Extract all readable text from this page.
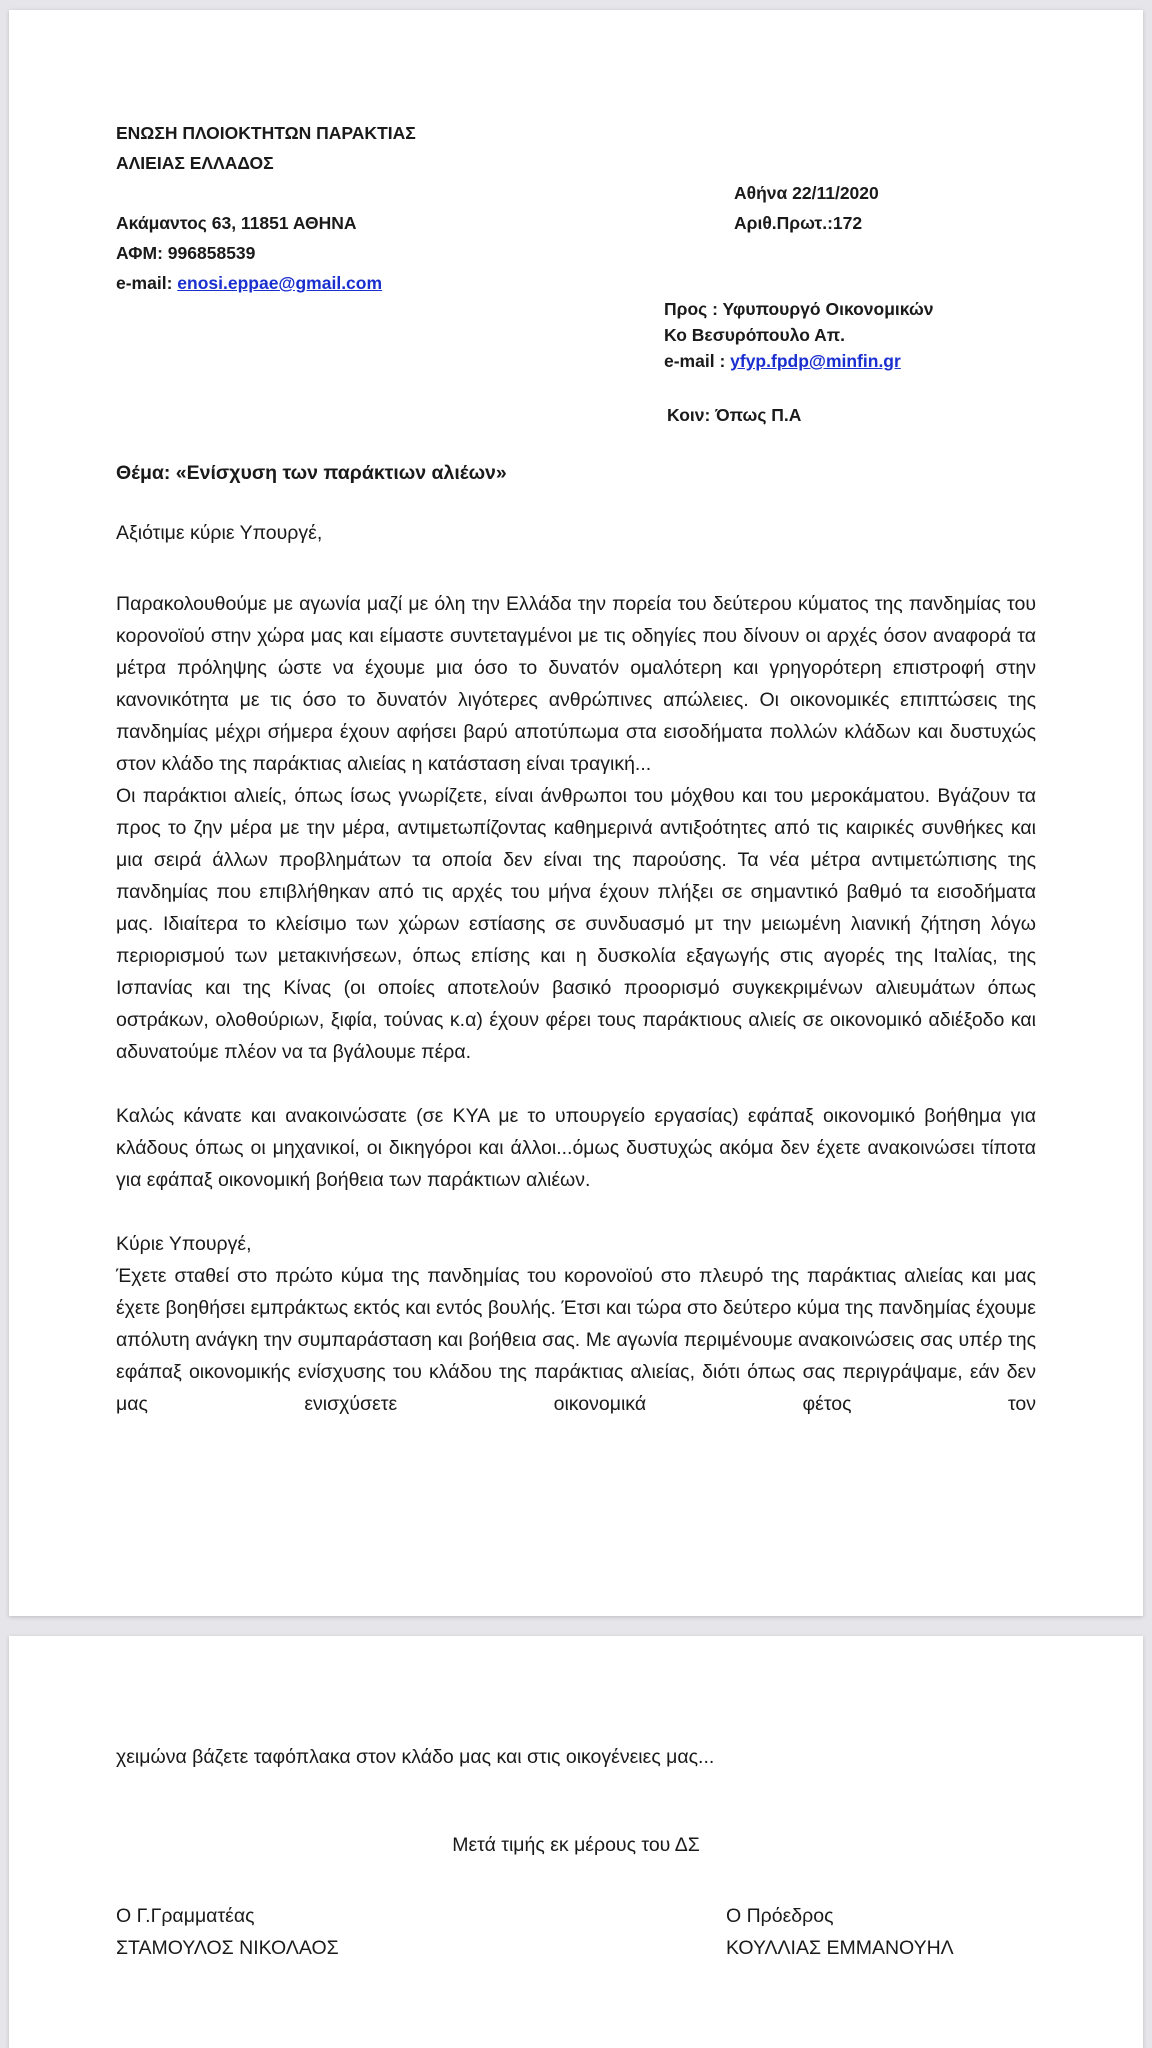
ΕΝΩΣΗ ΠΛΟΙΟΚΤΗΤΩΝ ΠΑΡΑΚΤΙΑΣ
ΑΛΙΕΙΑΣ ΕΛΛΑΔΟΣ
Ακάμαντος 63, 11851 ΑΘΗΝΑ
ΑΦΜ: 996858539
e-mail: enosi.eppae@gmail.com
Αθήνα 22/11/2020
Αριθ.Πρωτ.:172
Προς : Υφυπουργό Οικονομικών
Κο Βεσυρόπουλο Απ.
e-mail : yfyp.fpdp@minfin.gr
Κοιν: Όπως Π.Α
Θέμα: «Ενίσχυση των παράκτιων αλιέων»
Αξιότιμε κύριε Υπουργέ,

Παρακολουθούμε με αγωνία μαζί με όλη την Ελλάδα την πορεία του δεύτερου κύματος της πανδημίας του κορονοϊού στην χώρα μας και είμαστε συντεταγμένοι με τις οδηγίες που δίνουν οι αρχές όσον αναφορά τα μέτρα πρόληψης ώστε να έχουμε μια όσο το δυνατόν ομαλότερη και γρηγορότερη επιστροφή στην κανονικότητα με τις όσο το δυνατόν λιγότερες ανθρώπινες απώλειες. Οι οικονομικές επιπτώσεις της πανδημίας μέχρι σήμερα έχουν αφήσει βαρύ αποτύπωμα στα εισοδήματα πολλών κλάδων και δυστυχώς στον κλάδο της παράκτιας αλιείας η κατάσταση είναι τραγική...

Οι παράκτιοι αλιείς, όπως ίσως γνωρίζετε, είναι άνθρωποι του μόχθου και του μεροκάματου. Βγάζουν τα προς το ζην μέρα με την μέρα, αντιμετωπίζοντας καθημερινά αντιξοότητες από τις καιρικές συνθήκες και μια σειρά άλλων προβλημάτων τα οποία δεν είναι της παρούσης. Τα νέα μέτρα αντιμετώπισης της πανδημίας που επιβλήθηκαν από τις αρχές του μήνα έχουν πλήξει σε σημαντικό βαθμό τα εισοδήματα μας. Ιδιαίτερα το κλείσιμο των χώρων εστίασης σε συνδυασμό μτ την μειωμένη λιανική ζήτηση λόγω περιορισμού των μετακινήσεων, όπως επίσης και η δυσκολία εξαγωγής στις αγορές της Ιταλίας, της Ισπανίας και της Κίνας (οι οποίες αποτελούν βασικό προορισμό συγκεκριμένων αλιευμάτων όπως οστράκων, ολοθούριων, ξιφία, τούνας κ.α) έχουν φέρει τους παράκτιους αλιείς σε οικονομικό αδιέξοδο και αδυνατούμε πλέον να τα βγάλουμε πέρα.

Καλώς κάνατε και ανακοινώσατε (σε ΚΥΑ με το υπουργείο εργασίας) εφάπαξ οικονομικό βοήθημα για κλάδους όπως οι μηχανικοί, οι δικηγόροι και άλλοι...όμως δυστυχώς ακόμα δεν έχετε ανακοινώσει τίποτα για εφάπαξ οικονομική βοήθεια των παράκτιων αλιέων.

Κύριε Υπουργέ,

Έχετε σταθεί στο πρώτο κύμα της πανδημίας του κορονοϊού στο πλευρό της παράκτιας αλιείας και μας έχετε βοηθήσει εμπράκτως εκτός και εντός βουλής. Έτσι και τώρα στο δεύτερο κύμα της πανδημίας έχουμε απόλυτη ανάγκη την συμπαράσταση και βοήθεια σας. Με αγωνία περιμένουμε ανακοινώσεις σας υπέρ της εφάπαξ οικονομικής ενίσχυσης του κλάδου της παράκτιας αλιείας, διότι όπως σας περιγράψαμε, εάν δεν μας ενισχύσετε οικονομικά φέτος τον

χειμώνα βάζετε ταφόπλακα στον κλάδο μας και στις οικογένειες μας...
Μετά τιμής εκ μέρους του ΔΣ
Ο Γ.Γραμματέας
ΣΤΑΜΟΥΛΟΣ ΝΙΚΟΛΑΟΣ
Ο Πρόεδρος
ΚΟΥΛΛΙΑΣ ΕΜΜΑΝΟΥΗΛ
